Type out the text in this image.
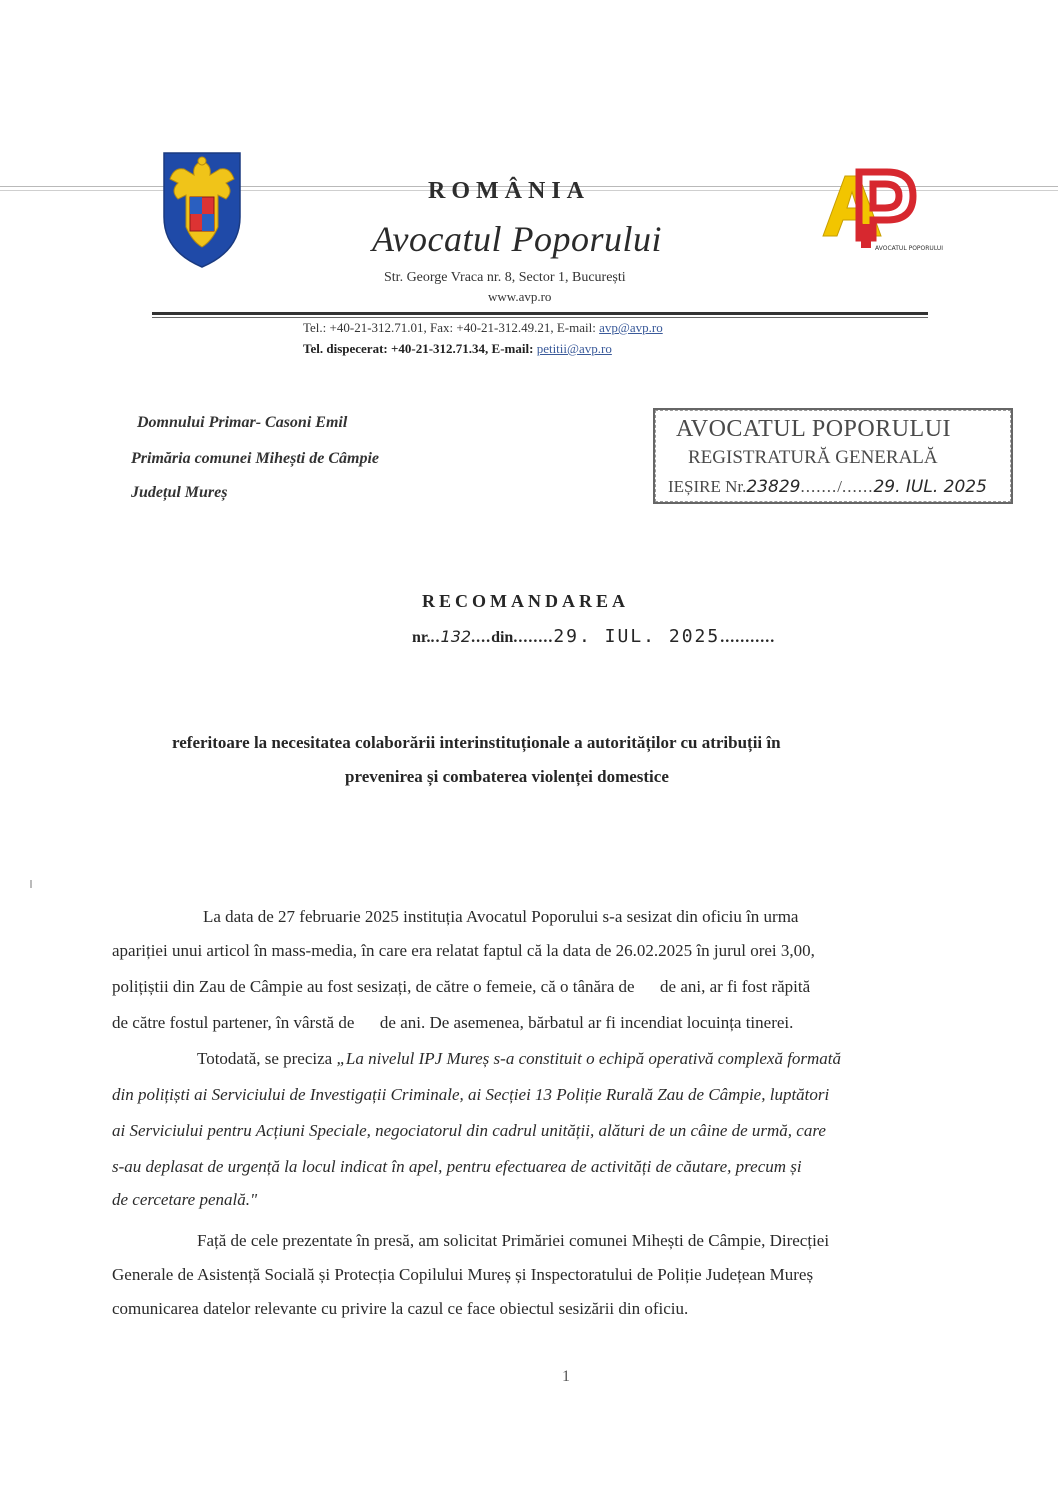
AVOCATUL POPORULUI
ROMÂNIA
Avocatul Poporului
Str. George Vraca nr. 8, Sector 1, București
www.avp.ro
Tel.: +40-21-312.71.01, Fax: +40-21-312.49.21, E-mail: avp@avp.ro
Tel. dispecerat: +40-21-312.71.34, E-mail: petitii@avp.ro
Domnului Primar- Casoni Emil
Primăria comunei Mihești de Câmpie
Județul Mureș
AVOCATUL POPORULUI
REGISTRATURĂ GENERALĂ
IEȘIRE Nr.23829......./......29. IUL. 2025
RECOMANDAREA
nr...132....din........29. IUL. 2025...........
referitoare la necesitatea colaborării interinstituționale a autorităților cu atribuții în
prevenirea și combaterea violenței domestice
La data de 27 februarie 2025 instituția Avocatul Poporului s-a sesizat din oficiu în urma
apariției unui articol în mass-media, în care era relatat faptul că la data de 26.02.2025 în jurul orei 3,00,
polițiștii din Zau de Câmpie au fost sesizați, de către o femeie, că o tânăra de      de ani, ar fi fost răpită
de către fostul partener, în vârstă de      de ani. De asemenea, bărbatul ar fi incendiat locuința tinerei.
Totodată, se preciza „La nivelul IPJ Mureș s-a constituit o echipă operativă complexă formată
din polițiști ai Serviciului de Investigații Criminale, ai Secției 13 Poliție Rurală Zau de Câmpie, luptători
ai Serviciului pentru Acțiuni Speciale, negociatorul din cadrul unității, alături de un câine de urmă, care
s-au deplasat de urgență la locul indicat în apel, pentru efectuarea de activități de căutare, precum și
de cercetare penală."
Față de cele prezentate în presă, am solicitat Primăriei comunei Mihești de Câmpie, Direcției
Generale de Asistență Socială și Protecția Copilului Mureș și Inspectoratului de Poliție Județean Mureș
comunicarea datelor relevante cu privire la cazul ce face obiectul sesizării din oficiu.
1
